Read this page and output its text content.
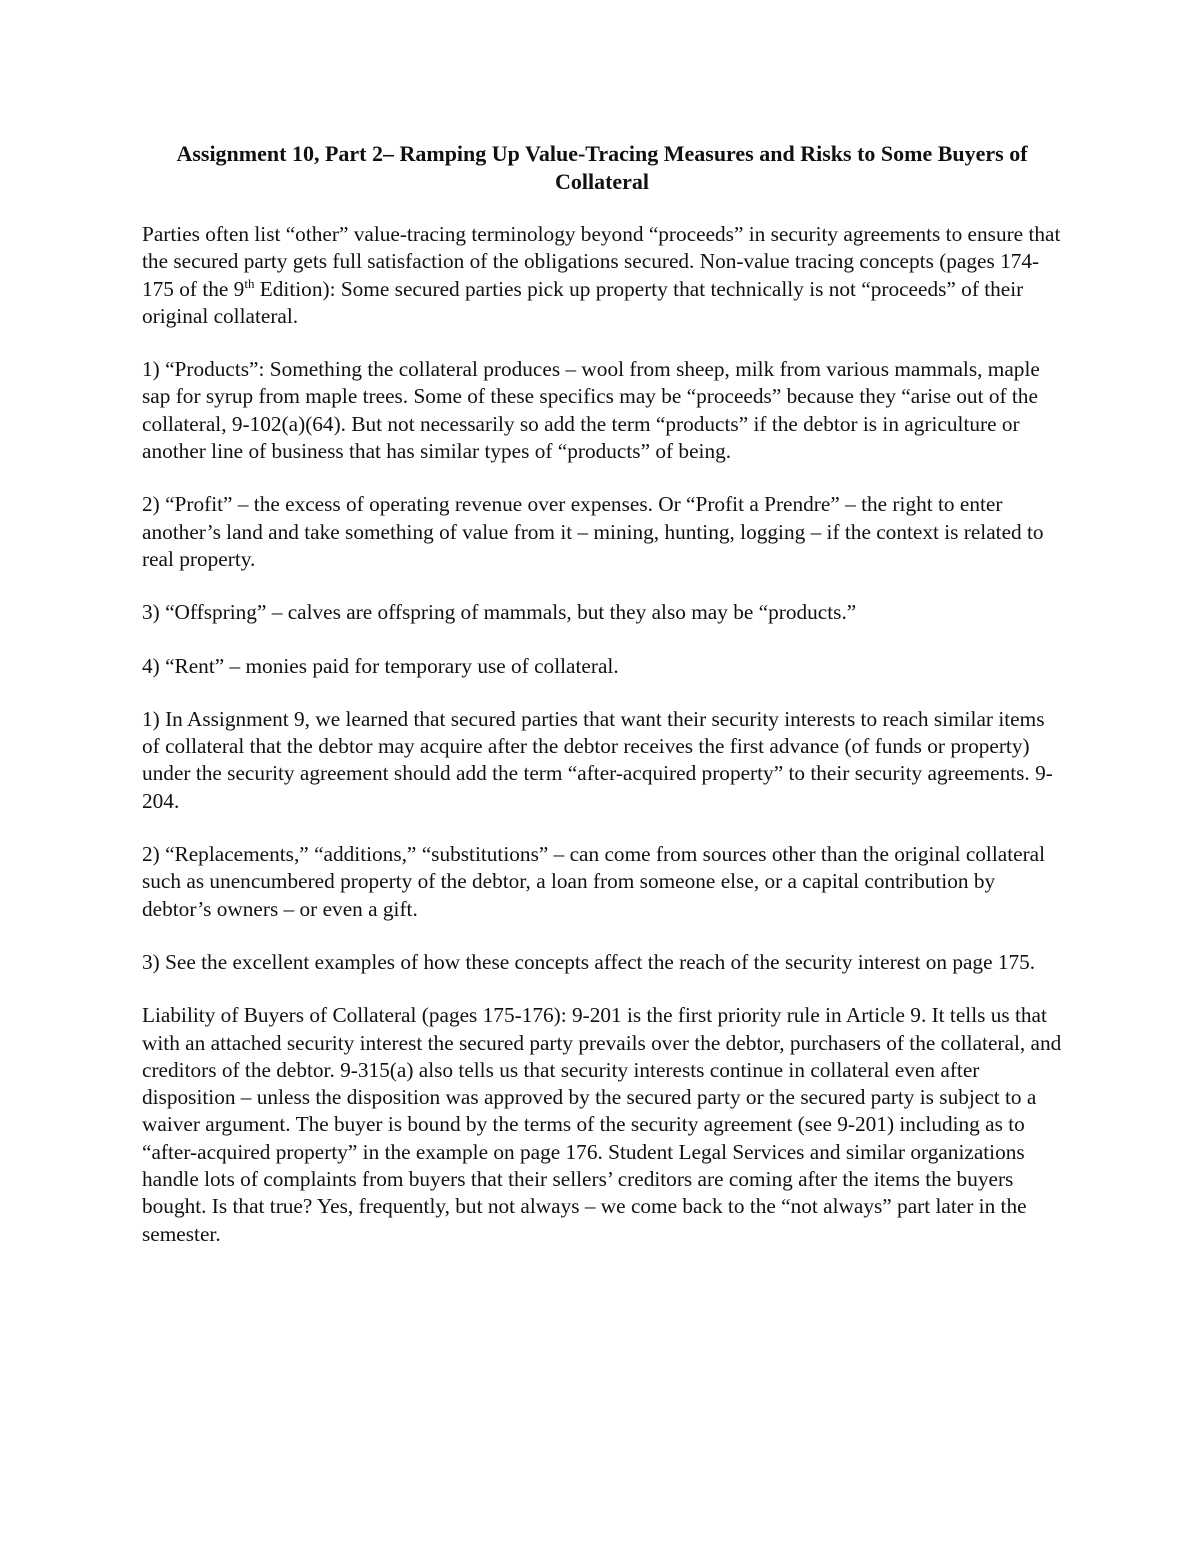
Assignment 10, Part 2– Ramping Up Value-Tracing Measures and Risks to Some Buyers of Collateral

Parties often list “other” value-tracing terminology beyond “proceeds” in security agreements to ensure that the secured party gets full satisfaction of the obligations secured. Non-value tracing concepts (pages 174-175 of the 9th Edition): Some secured parties pick up property that technically is not “proceeds” of their original collateral.

1) “Products”: Something the collateral produces – wool from sheep, milk from various mammals, maple sap for syrup from maple trees. Some of these specifics may be “proceeds” because they “arise out of the collateral, 9-102(a)(64). But not necessarily so add the term “products” if the debtor is in agriculture or another line of business that has similar types of “products” of being.

2) “Profit” – the excess of operating revenue over expenses. Or “Profit a Prendre” – the right to enter another’s land and take something of value from it – mining, hunting, logging – if the context is related to real property.

3) “Offspring” – calves are offspring of mammals, but they also may be “products.”

4) “Rent” – monies paid for temporary use of collateral.

1) In Assignment 9, we learned that secured parties that want their security interests to reach similar items of collateral that the debtor may acquire after the debtor receives the first advance (of funds or property) under the security agreement should add the term “after-acquired property” to their security agreements. 9-204.

2) “Replacements,” “additions,” “substitutions” – can come from sources other than the original collateral such as unencumbered property of the debtor, a loan from someone else, or a capital contribution by debtor’s owners – or even a gift.

3) See the excellent examples of how these concepts affect the reach of the security interest on page 175.

Liability of Buyers of Collateral (pages 175-176): 9-201 is the first priority rule in Article 9. It tells us that with an attached security interest the secured party prevails over the debtor, purchasers of the collateral, and creditors of the debtor. 9-315(a) also tells us that security interests continue in collateral even after disposition – unless the disposition was approved by the secured party or the secured party is subject to a waiver argument. The buyer is bound by the terms of the security agreement (see 9-201) including as to “after-acquired property” in the example on page 176. Student Legal Services and similar organizations handle lots of complaints from buyers that their sellers’ creditors are coming after the items the buyers bought. Is that true? Yes, frequently, but not always – we come back to the “not always” part later in the semester.
